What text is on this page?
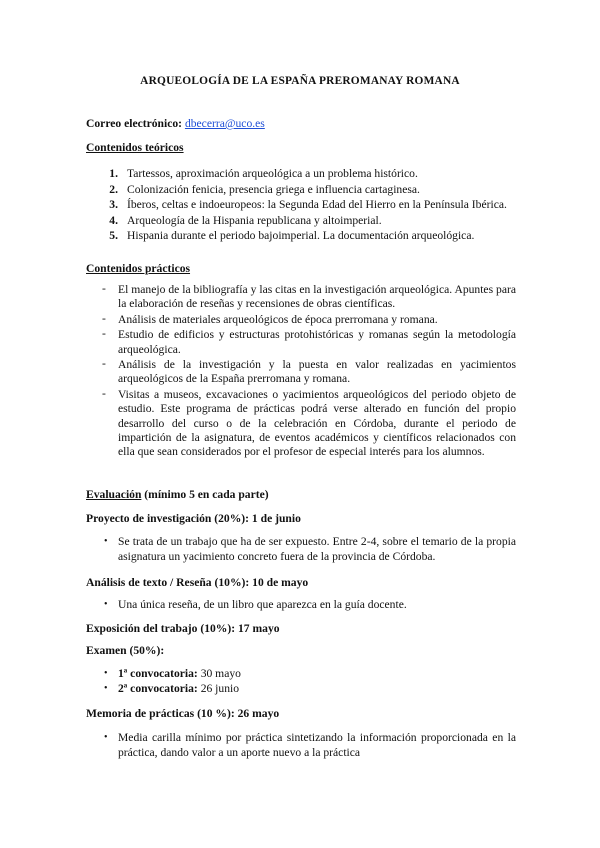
ARQUEOLOGÍA DE LA ESPAÑA PREROMANAY ROMANA
Correo electrónico: dbecerra@uco.es
Contenidos teóricos
1. Tartessos, aproximación arqueológica a un problema histórico.
2. Colonización fenicia, presencia griega e influencia cartaginesa.
3. Íberos, celtas e indoeuropeos: la Segunda Edad del Hierro en la Península Ibérica.
4. Arqueología de la Hispania republicana y altoimperial.
5. Hispania durante el periodo bajoimperial. La documentación arqueológica.
Contenidos prácticos
- El manejo de la bibliografía y las citas en la investigación arqueológica. Apuntes para la elaboración de reseñas y recensiones de obras científicas.
- Análisis de materiales arqueológicos de época prerromana y romana.
- Estudio de edificios y estructuras protohistóricas y romanas según la metodología arqueológica.
- Análisis de la investigación y la puesta en valor realizadas en yacimientos arqueológicos de la España prerromana y romana.
- Visitas a museos, excavaciones o yacimientos arqueológicos del periodo objeto de estudio. Este programa de prácticas podrá verse alterado en función del propio desarrollo del curso o de la celebración en Córdoba, durante el periodo de impartición de la asignatura, de eventos académicos y científicos relacionados con ella que sean considerados por el profesor de especial interés para los alumnos.
Evaluación (mínimo 5 en cada parte)
Proyecto de investigación (20%): 1 de junio
• Se trata de un trabajo que ha de ser expuesto. Entre 2-4, sobre el temario de la propia asignatura un yacimiento concreto fuera de la provincia de Córdoba.
Análisis de texto / Reseña (10%): 10 de mayo
• Una única reseña, de un libro que aparezca en la guía docente.
Exposición del trabajo (10%): 17 mayo
Examen (50%):
• 1ª convocatoria: 30 mayo
• 2ª convocatoria: 26 junio
Memoria de prácticas (10 %): 26 mayo
• Media carilla mínimo por práctica sintetizando la información proporcionada en la práctica, dando valor a un aporte nuevo a la práctica
